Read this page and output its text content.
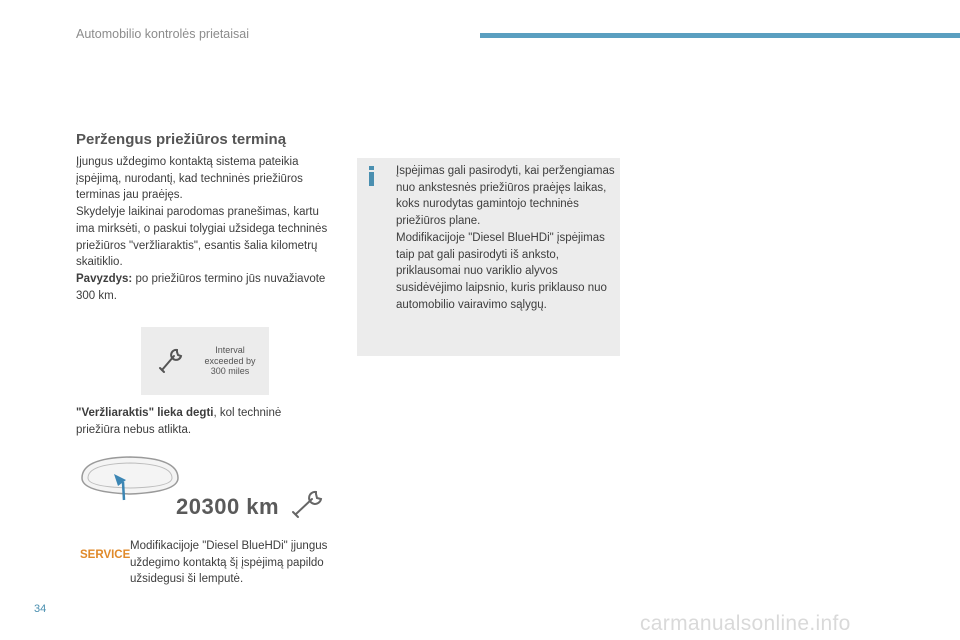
Automobilio kontrolės prietaisai
Peržengus priežiūros terminą

Įjungus uždegimo kontaktą sistema pateikia įspėjimą, nurodantį, kad techninės priežiūros terminas jau praėjęs.

Skydelyje laikinai parodomas pranešimas, kartu ima mirksėti, o paskui tolygiai užsidega techninės priežiūros "veržliaraktis", esantis šalia kilometrų skaitiklio.

Pavyzdys: po priežiūros termino jūs nuvažiavote 300 km.

Interval
exceeded by
300 miles

"Veržliaraktis" lieka degti, kol techninė priežiūra nebus atlikta.

20300 km
SERVICE

Modifikacijoje "Diesel BlueHDi" įjungus uždegimo kontaktą šį įspėjimą papildo užsidegusi ši lemputė.

Įspėjimas gali pasirodyti, kai peržengiamas nuo ankstesnės priežiūros praėjęs laikas, koks nurodytas gamintojo techninės priežiūros plane.

Modifikacijoje "Diesel BlueHDi" įspėjimas taip pat gali pasirodyti iš anksto, priklausomai nuo variklio alyvos susidėvėjimo laipsnio, kuris priklauso nuo automobilio vairavimo sąlygų.

34
carmanualsonline.info
